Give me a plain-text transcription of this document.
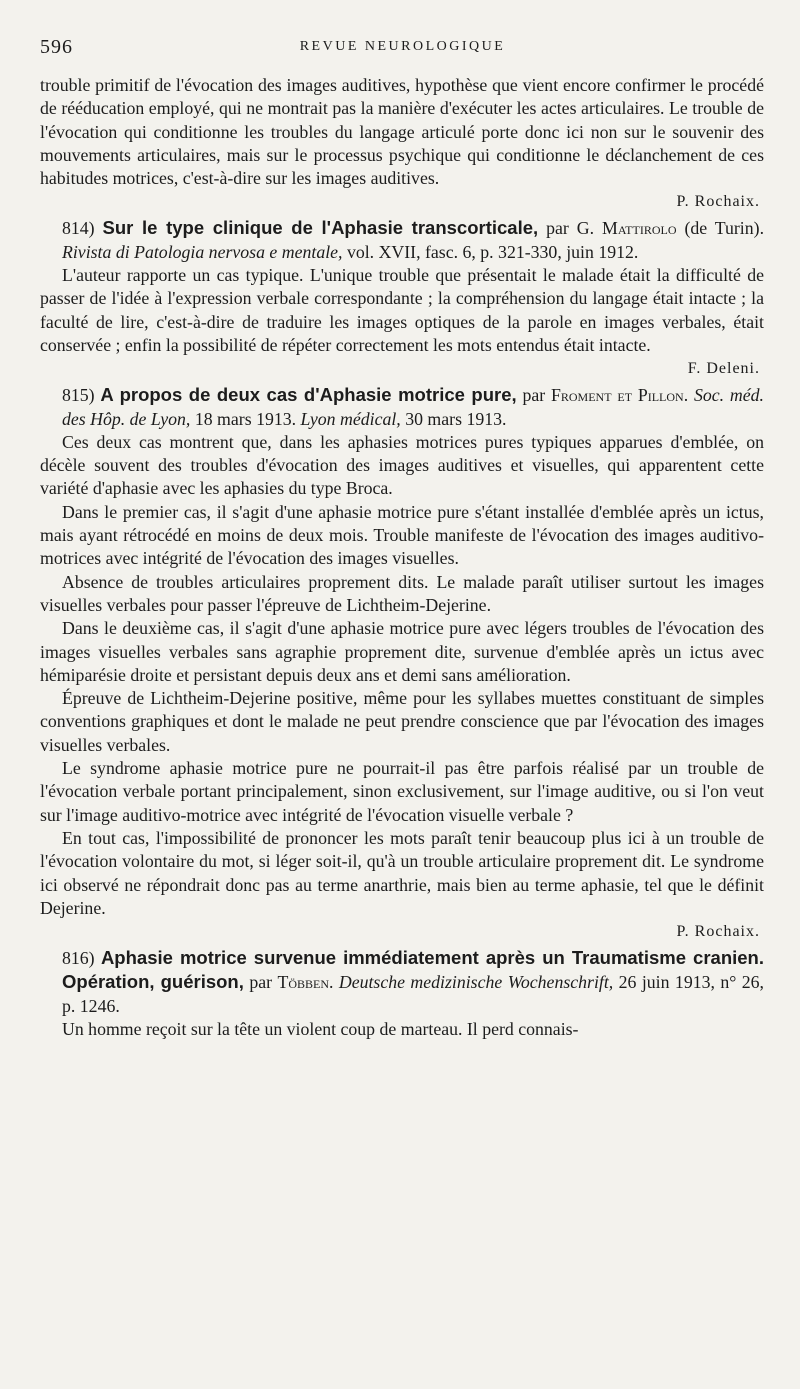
596	REVUE NEUROLOGIQUE

trouble primitif de l'évocation des images auditives, hypothèse que vient encore confirmer le procédé de rééducation employé, qui ne montrait pas la manière d'exécuter les actes articulaires. Le trouble de l'évocation qui conditionne les troubles du langage articulé porte donc ici non sur le souvenir des mouvements articulaires, mais sur le processus psychique qui conditionne le déclanchement de ces habitudes motrices, c'est-à-dire sur les images auditives.

P. Rochaix.

814) Sur le type clinique de l'Aphasie transcorticale, par G. Mattirolo (de Turin). Rivista di Patologia nervosa e mentale, vol. XVII, fasc. 6, p. 321-330, juin 1912.

L'auteur rapporte un cas typique. L'unique trouble que présentait le malade était la difficulté de passer de l'idée à l'expression verbale correspondante ; la compréhension du langage était intacte ; la faculté de lire, c'est-à-dire de traduire les images optiques de la parole en images verbales, était conservée ; enfin la possibilité de répéter correctement les mots entendus était intacte.

F. Deleni.

815) A propos de deux cas d'Aphasie motrice pure, par Froment et Pillon. Soc. méd. des Hôp. de Lyon, 18 mars 1913. Lyon médical, 30 mars 1913.

Ces deux cas montrent que, dans les aphasies motrices pures typiques apparues d'emblée, on décèle souvent des troubles d'évocation des images auditives et visuelles, qui apparentent cette variété d'aphasie avec les aphasies du type Broca.

Dans le premier cas, il s'agit d'une aphasie motrice pure s'étant installée d'emblée après un ictus, mais ayant rétrocédé en moins de deux mois. Trouble manifeste de l'évocation des images auditivo-motrices avec intégrité de l'évocation des images visuelles.

Absence de troubles articulaires proprement dits. Le malade paraît utiliser surtout les images visuelles verbales pour passer l'épreuve de Lichtheim-Dejerine.

Dans le deuxième cas, il s'agit d'une aphasie motrice pure avec légers troubles de l'évocation des images visuelles verbales sans agraphie proprement dite, survenue d'emblée après un ictus avec hémiparésie droite et persistant depuis deux ans et demi sans amélioration.

Épreuve de Lichtheim-Dejerine positive, même pour les syllabes muettes constituant de simples conventions graphiques et dont le malade ne peut prendre conscience que par l'évocation des images visuelles verbales.

Le syndrome aphasie motrice pure ne pourrait-il pas être parfois réalisé par un trouble de l'évocation verbale portant principalement, sinon exclusivement, sur l'image auditive, ou si l'on veut sur l'image auditivo-motrice avec intégrité de l'évocation visuelle verbale ?

En tout cas, l'impossibilité de prononcer les mots paraît tenir beaucoup plus ici à un trouble de l'évocation volontaire du mot, si léger soit-il, qu'à un trouble articulaire proprement dit. Le syndrome ici observé ne répondrait donc pas au terme anarthrie, mais bien au terme aphasie, tel que le définit Dejerine.

P. Rochaix.

816) Aphasie motrice survenue immédiatement après un Traumatisme cranien. Opération, guérison, par Többen. Deutsche medizinische Wochenschrift, 26 juin 1913, n° 26, p. 1246.

Un homme reçoit sur la tête un violent coup de marteau. Il perd connais-
